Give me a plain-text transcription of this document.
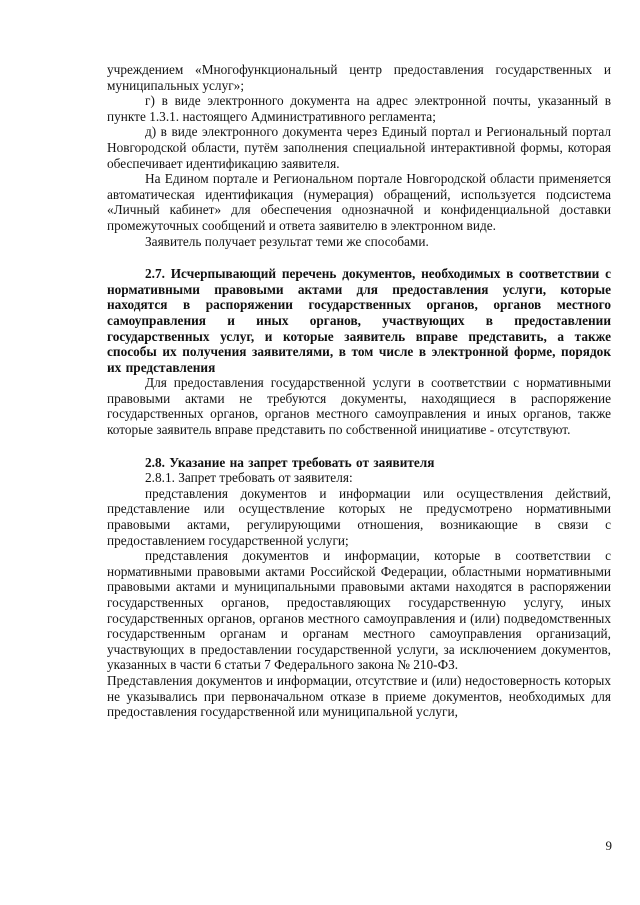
учреждением «Многофункциональный центр предоставления государственных и муниципальных услуг»;

г) в виде электронного документа на адрес электронной почты, указанный в пункте 1.3.1. настоящего Административного регламента;

д) в виде электронного документа через Единый портал и Региональный портал Новгородской области, путём заполнения специальной интерактивной формы, которая обеспечивает идентификацию заявителя.

На Едином портале и Региональном портале Новгородской области применяется автоматическая идентификация (нумерация) обращений, используется подсистема «Личный кабинет» для обеспечения однозначной и конфиденциальной доставки промежуточных сообщений и ответа заявителю в электронном виде.

Заявитель получает результат теми же способами.

2.7. Исчерпывающий перечень документов, необходимых в соответствии с нормативными правовыми актами для предоставления услуги, которые находятся в распоряжении государственных органов, органов местного самоуправления и иных органов, участвующих в предоставлении государственных услуг, и которые заявитель вправе представить, а также способы их получения заявителями, в том числе в электронной форме, порядок их представления

Для предоставления государственной услуги в соответствии с нормативными правовыми актами не требуются документы, находящиеся в распоряжение государственных органов, органов местного самоуправления и иных органов, также которые заявитель вправе представить по собственной инициативе - отсутствуют.

2.8. Указание на запрет требовать от заявителя

2.8.1. Запрет требовать от заявителя:

представления документов и информации или осуществления действий, представление или осуществление которых не предусмотрено нормативными правовыми актами, регулирующими отношения, возникающие в связи с предоставлением государственной услуги;

представления документов и информации, которые в соответствии с нормативными правовыми актами Российской Федерации, областными нормативными правовыми актами и муниципальными правовыми актами находятся в распоряжении государственных органов, предоставляющих государственную услугу, иных государственных органов, органов местного самоуправления и (или) подведомственных государственным органам и органам местного самоуправления организаций, участвующих в предоставлении государственной услуги, за исключением документов, указанных в части 6 статьи 7 Федерального закона № 210-ФЗ.

Представления документов и информации, отсутствие и (или) недостоверность которых не указывались при первоначальном отказе в приеме документов, необходимых для предоставления государственной или муниципальной услуги,

9
